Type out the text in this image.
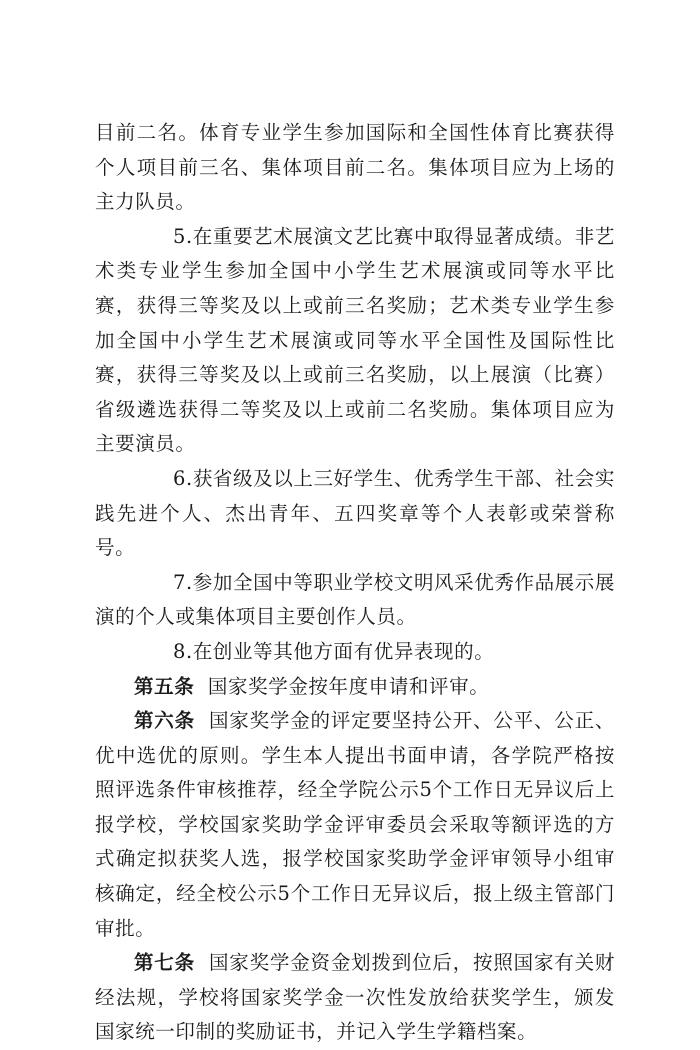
目前二名。体育专业学生参加国际和全国性体育比赛获得个人项目前三名、集体项目前二名。集体项目应为上场的主力队员。

5.在重要艺术展演文艺比赛中取得显著成绩。非艺术类专业学生参加全国中小学生艺术展演或同等水平比赛，获得三等奖及以上或前三名奖励；艺术类专业学生参加全国中小学生艺术展演或同等水平全国性及国际性比赛，获得三等奖及以上或前三名奖励，以上展演（比赛）省级遴选获得二等奖及以上或前二名奖励。集体项目应为主要演员。

6.获省级及以上三好学生、优秀学生干部、社会实践先进个人、杰出青年、五四奖章等个人表彰或荣誉称号。

7.参加全国中等职业学校文明风采优秀作品展示展演的个人或集体项目主要创作人员。

8.在创业等其他方面有优异表现的。

第五条 国家奖学金按年度申请和评审。

第六条 国家奖学金的评定要坚持公开、公平、公正、优中选优的原则。学生本人提出书面申请，各学院严格按照评选条件审核推荐，经全学院公示5个工作日无异议后上报学校，学校国家奖助学金评审委员会采取等额评选的方式确定拟获奖人选，报学校国家奖助学金评审领导小组审核确定，经全校公示5个工作日无异议后，报上级主管部门审批。

第七条 国家奖学金资金划拨到位后，按照国家有关财经法规，学校将国家奖学金一次性发放给获奖学生，颁发国家统一印制的奖励证书，并记入学生学籍档案。
